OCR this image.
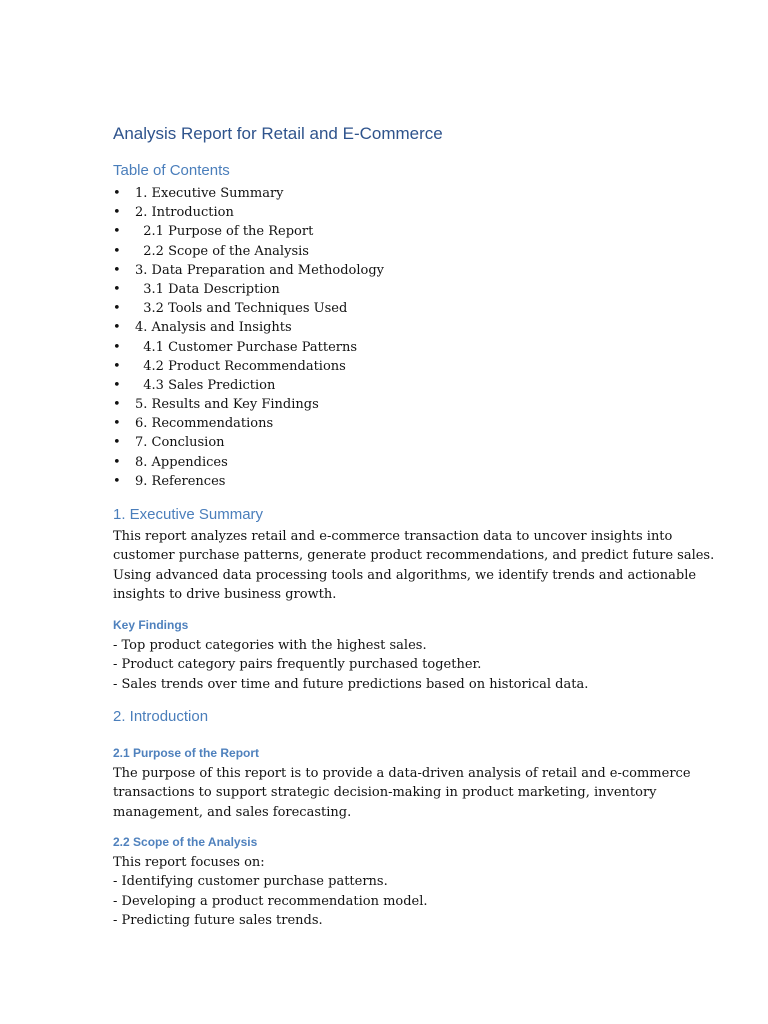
Analysis Report for Retail and E-Commerce
Table of Contents
• 1. Executive Summary
• 2. Introduction
• 2.1 Purpose of the Report
• 2.2 Scope of the Analysis
• 3. Data Preparation and Methodology
• 3.1 Data Description
• 3.2 Tools and Techniques Used
• 4. Analysis and Insights
• 4.1 Customer Purchase Patterns
• 4.2 Product Recommendations
• 4.3 Sales Prediction
• 5. Results and Key Findings
• 6. Recommendations
• 7. Conclusion
• 8. Appendices
• 9. References
1. Executive Summary

This report analyzes retail and e-commerce transaction data to uncover insights into
customer purchase patterns, generate product recommendations, and predict future sales.
Using advanced data processing tools and algorithms, we identify trends and actionable
insights to drive business growth.

Key Findings

- Top product categories with the highest sales.
- Product category pairs frequently purchased together.
- Sales trends over time and future predictions based on historical data.

2. Introduction
2.1 Purpose of the Report

The purpose of this report is to provide a data-driven analysis of retail and e-commerce
transactions to support strategic decision-making in product marketing, inventory
management, and sales forecasting.

2.2 Scope of the Analysis

This report focuses on:
- Identifying customer purchase patterns.
- Developing a product recommendation model.
- Predicting future sales trends.
